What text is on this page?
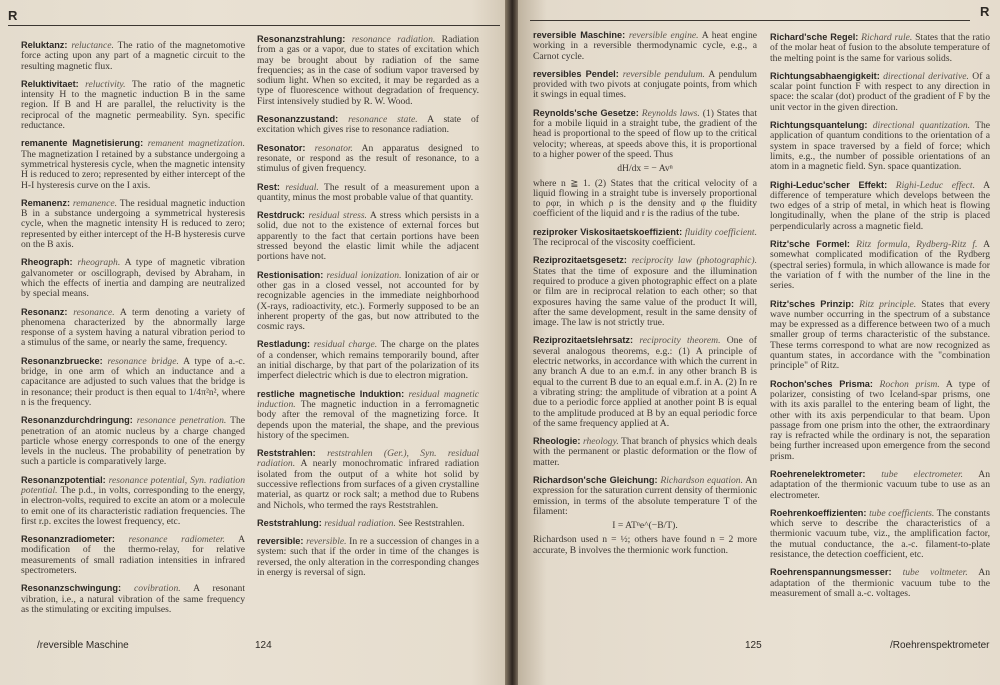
R
Reluktanz: reluctance. The ratio of the magnetomotive force acting upon any part of a magnetic circuit to the resulting magnetic flux.
Reluktivitaet: reluctivity. The ratio of the magnetic intensity H to the magnetic induction B in the same region. If B and H are parallel, the reluctivity is the reciprocal of the magnetic permeability. Syn. specific reductance.
remanente Magnetisierung: remanent magnetization. The magnetization I retained by a substance undergoing a symmetrical hysteresis cycle, when the magnetic intensity H is reduced to zero; represented by either intercept of the H-I hysteresis curve on the I axis.
Remanenz: remanence. The residual magnetic induction B in a substance undergoing a symmetrical hysteresis cycle, when the magnetic intensity H is reduced to zero; represented by either intercept of the H-B hysteresis curve on the B axis.
Rheograph: rheograph. A type of magnetic vibration galvanometer or oscillograph, devised by Abraham, in which the effects of inertia and damping are neutralized by special means.
Resonanz: resonance. A term denoting a variety of phenomena characterized by the abnormally large response of a system having a natural vibration period to a stimulus of the same, or nearly the same, frequency.
Resonanzbruecke: resonance bridge. A type of a.-c. bridge, in one arm of which an inductance and a capacitance are adjusted to such values that the bridge is in resonance; their product is then equal to 1/4π²n², where n is the frequency.
Resonanzdurchdringung: resonance penetration. The penetration of an atomic nucleus by a charge changed particle whose energy corresponds to one of the energy levels in the nucleus. The probability of penetration by such a particle is comparatively large.
Resonanzpotential: resonance potential, Syn. radiation potential. The p.d., in volts, corresponding to the energy, in electron-volts, required to excite an atom or a molecule to emit one of its characteristic radiation frequencies. The first r.p. excites the lowest frequency, etc.
Resonanzradiometer: resonance radiometer. A modification of the thermo-relay, for relative measurements of small radiation intensities in infrared spectrometers.
Resonanzschwingung: covibration. A resonant vibration, i.e., a natural vibration of the same frequency as the stimulating or exciting impulses.
Resonanzstrahlung: resonance radiation. Radiation from a gas or a vapor, due to states of excitation which may be brought about by radiation of the same frequencies; as in the case of sodium vapor traversed by sodium light. When so excited, it may be regarded as a type of fluorescence without degradation of frequency. First intensively studied by R. W. Wood.
Resonanzzustand: resonance state. A state of excitation which gives rise to resonance radiation.
Resonator: resonator. An apparatus designed to resonate, or respond as the result of resonance, to a stimulus of given frequency.
Rest: residual. The result of a measurement upon a quantity, minus the most probable value of that quantity.
Restdruck: residual stress. A stress which persists in a solid, due not to the existence of external forces but apparently to the fact that certain portions have been stressed beyond the elastic limit while the adjacent portions have not.
Restionisation: residual ionization. Ionization of air or other gas in a closed vessel, not accounted for by recognizable agencies in the immediate neighborhood (X-rays, radioactivity, etc.). Formerly supposed to be an inherent property of the gas, but now attributed to the cosmic rays.
Restladung: residual charge. The charge on the plates of a condenser, which remains temporarily bound, after an initial discharge, by that part of the polarization of its imperfect dielectric which is due to electron migration.
restliche magnetische Induktion: residual magnetic induction. The magnetic induction in a ferromagnetic body after the removal of the magnetizing force. It depends upon the material, the shape, and the previous history of the specimen.
Reststrahlen: reststrahlen (Ger.), Syn. residual radiation. A nearly monochromatic infrared radiation isolated from the output of a white hot solid by successive reflections from surfaces of a given crystalline material, as quartz or rock salt; a method due to Rubens and Nichols, who termed the rays Reststrahlen.
Reststrahlung: residual radiation. See Reststrahlen.
reversible: reversible. In re a succession of changes in a system: such that if the order in time of the changes is reversed, the only alteration in the corresponding changes in energy is reversal of sign.
/reversible Maschine	124
R
reversible Maschine: reversible engine. A heat engine working in a reversible thermodynamic cycle, e.g., a Carnot cycle.
reversibles Pendel: reversible pendulum. A pendulum provided with two pivots at conjugate points, from which it swings in equal times.
Reynolds'sche Gesetze: Reynolds laws. (1) States that for a mobile liquid in a straight tube, the gradient of the head is proportional to the speed of flow up to the critical velocity; whereas, at speeds above this, it is proportional to a higher power of the speed. Thus
dH/dx = − Avⁿ
where n ≧ 1. (2) States that the critical velocity of a liquid flowing in a straight tube is inversely proportional to ρφr, in which ρ is the density and φ the fluidity coefficient of the liquid and r is the radius of the tube.
reziproker Viskositaetskoeffizient: fluidity coefficient. The reciprocal of the viscosity coefficient.
Reziprozitaetsgesetz: reciprocity law (photographic). States that the time of exposure and the illumination required to produce a given photographic effect on a plate or film are in reciprocal relation to each other; so that exposures having the same value of the product It will, after the same development, result in the same density of image. The law is not strictly true.
Reziprozitaetslehrsatz: reciprocity theorem. One of several analogous theorems, e.g.: (1) A principle of electric networks, in accordance with which the current in any branch A due to an e.m.f. in any other branch B is equal to the current B due to an equal e.m.f. in A. (2) In re a vibrating string: the amplitude of vibration at a point A due to a periodic force applied at another point B is equal to the amplitude produced at B by an equal periodic force of the same frequency applied at A.
Rheologie: rheology. That branch of physics which deals with the permanent or plastic deformation or the flow of matter.
Richardson'sche Gleichung: Richardson equation. An expression for the saturation current density of thermionic emission, in terms of the absolute temperature T of the filament:
I = ATⁿe^(−B/T).
Richardson used n = ½; others have found n = 2 more accurate, B involves the thermionic work function.
Richard'sche Regel: Richard rule. States that the ratio of the molar heat of fusion to the absolute temperature of the melting point is the same for various solids.
Richtungsabhaengigkeit: directional derivative. Of a scalar point function F with respect to any direction in space: the scalar (dot) product of the gradient of F by the unit vector in the given direction.
Richtungsquantelung: directional quantization. The application of quantum conditions to the orientation of a system in space traversed by a field of force; which limits, e.g., the number of possible orientations of an atom in a magnetic field. Syn. space quantization.
Righi-Leduc'scher Effekt: Righi-Leduc effect. A difference of temperature which develops between the two edges of a strip of metal, in which heat is flowing longitudinally, when the plane of the strip is placed perpendicularly across a magnetic field.
Ritz'sche Formel: Ritz formula, Rydberg-Ritz f. A somewhat complicated modification of the Rydberg (spectral series) formula, in which allowance is made for the variation of f with the number of the line in the series.
Ritz'sches Prinzip: Ritz principle. States that every wave number occurring in the spectrum of a substance may be expressed as a difference between two of a much smaller group of terms characteristic of the substance. These terms correspond to what are now recognized as quantum states, in accordance with the "combination principle" of Ritz.
Rochon'sches Prisma: Rochon prism. A type of polarizer, consisting of two Iceland-spar prisms, one with its axis parallel to the entering beam of light, the other with its axis perpendicular to that beam. Upon passage from one prism into the other, the extraordinary ray is refracted while the ordinary is not, the separation being further increased upon emergence from the second prism.
Roehrenelektrometer: tube electrometer. An adaptation of the thermionic vacuum tube to use as an electrometer.
Roehrenkoeffizienten: tube coefficients. The constants which serve to describe the characteristics of a thermionic vacuum tube, viz., the amplification factor, the mutual conductance, the a.-c. filament-to-plate resistance, the detection coefficient, etc.
Roehrenspannungsmesser: tube voltmeter. An adaptation of the thermionic vacuum tube to the measurement of small a.-c. voltages.
125	/Roehrenspektrometer
